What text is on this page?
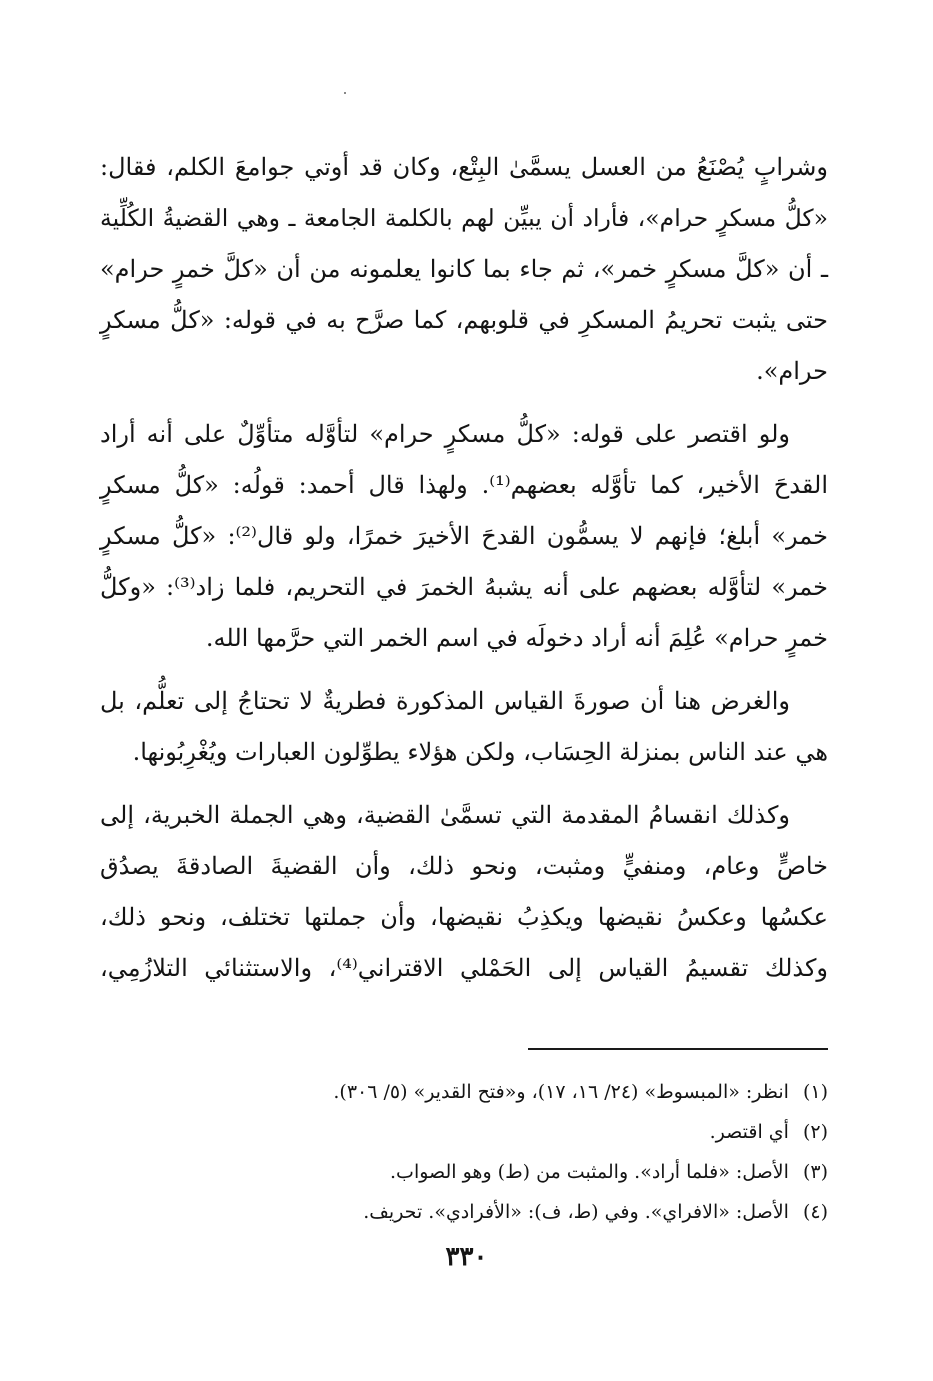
وشرابٍ يُصْنَعُ من العسل يسمَّىٰ البِتْع، وكان قد أوتي جوامعَ الكلم، فقال:
«كلُّ مسكرٍ حرام»، فأراد أن يبيِّن لهم بالكلمة الجامعة ـ وهي القضيةُ الكُلِّية
ـ أن «كلَّ مسكرٍ خمر»، ثم جاء بما كانوا يعلمونه من أن «كلَّ خمرٍ حرام»
حتى يثبت تحريمُ المسكرِ في قلوبهم، كما صرَّح به في قوله: «كلُّ مسكرٍ
حرام».

ولو اقتصر على قوله: «كلُّ مسكرٍ حرام» لتأوَّله متأوِّلٌ على أنه أراد
القدحَ الأخير، كما تأوَّله بعضهم⁽¹⁾. ولهذا قال أحمد: قولُه: «كلُّ مسكرٍ
خمر» أبلغ؛ فإنهم لا يسمُّون القدحَ الأخيرَ خمرًا، ولو قال⁽²⁾: «كلُّ مسكرٍ
خمر» لتأوَّله بعضهم على أنه يشبهُ الخمرَ في التحريم، فلما زاد⁽³⁾: «وكلُّ
خمرٍ حرام» عُلِمَ أنه أراد دخولَه في اسم الخمر التي حرَّمها الله.

والغرض هنا أن صورةَ القياس المذكورة فطريةٌ لا تحتاجُ إلى تعلُّم، بل
هي عند الناس بمنزلة الحِسَاب، ولكن هؤلاء يطوِّلون العبارات ويُغْرِبُونها.

وكذلك انقسامُ المقدمة التي تسمَّىٰ القضية، وهي الجملة الخبرية، إلى
خاصٍّ وعام، ومنفيٍّ ومثبت، ونحو ذلك، وأن القضيةَ الصادقةَ يصدُق
عكسُها وعكسُ نقيضها ويكذِبُ نقيضها، وأن جملتها تختلف، ونحو ذلك،
وكذلك تقسيمُ القياس إلى الحَمْلي الاقتراني⁽⁴⁾، والاستثنائي التلازُمِي،

(١)انظر: «المبسوط» (٢٤/ ١٦، ١٧)، و«فتح القدير» (٥/ ٣٠٦).

(٢)أي اقتصر.

(٣)الأصل: «فلما أراد». والمثبت من (ط) وهو الصواب.

(٤)الأصل: «الافراي». وفي (ط، ف): «الأفرادي». تحريف.

٣٣٠
